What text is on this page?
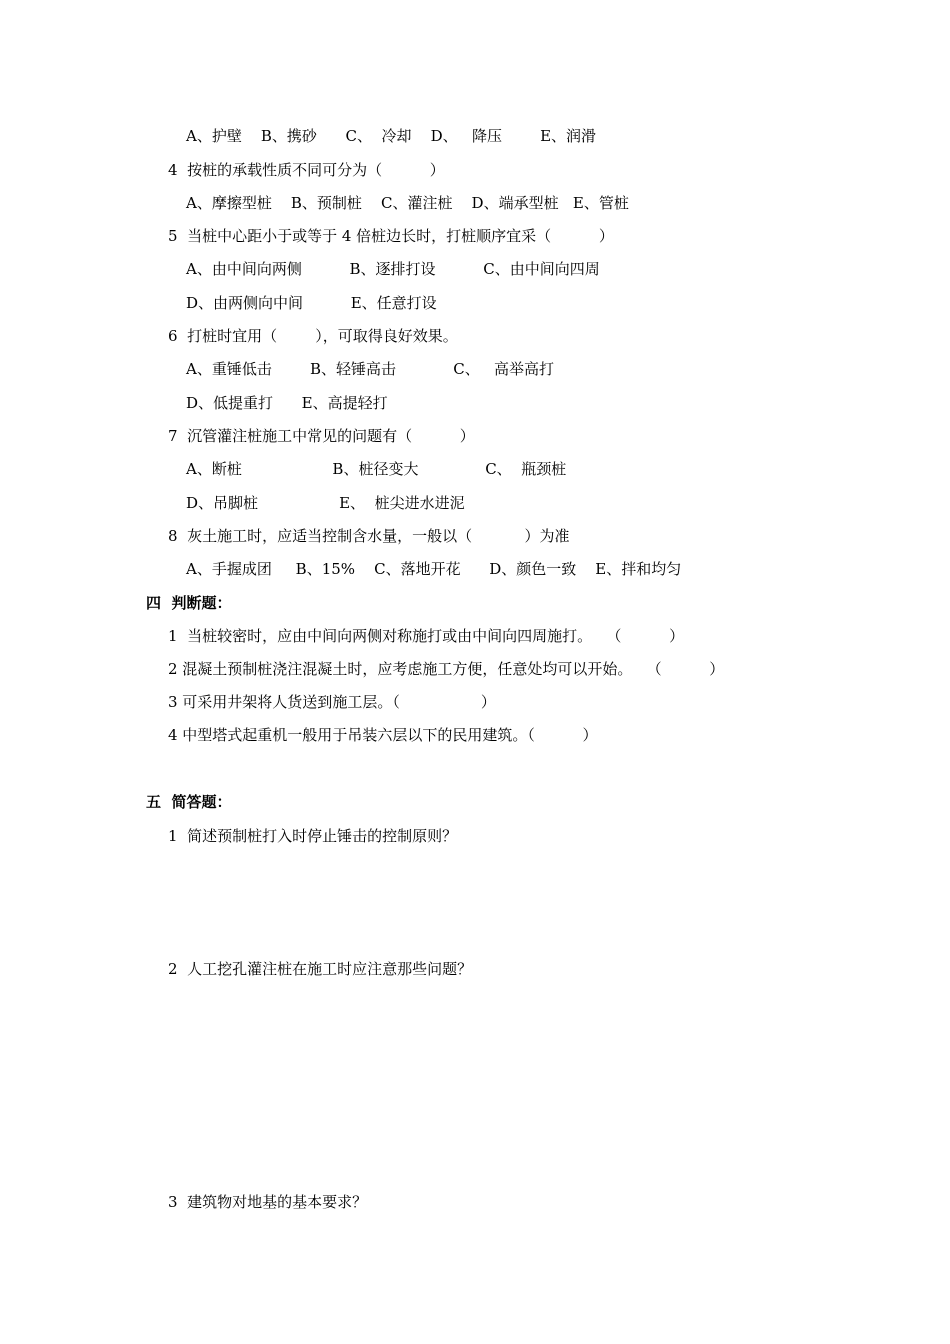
A、护壁    B、携砂      C、  冷却    D、   降压        E、润滑
4  按桩的承载性质不同可分为（          ）
A、摩擦型桩    B、预制桩    C、灌注桩    D、端承型桩   E、管桩
5  当桩中心距小于或等于 4 倍桩边长时，打桩顺序宜采（          ）
A、由中间向两侧          B、逐排打设          C、由中间向四周
D、由两侧向中间          E、任意打设
6  打桩时宜用（        ），可取得良好效果。
A、重锤低击        B、轻锤高击            C、   高举高打
D、低提重打      E、高提轻打
7  沉管灌注桩施工中常见的问题有（          ）
A、断桩                   B、桩径变大              C、  瓶颈桩
D、吊脚桩                 E、  桩尖进水进泥
8  灰土施工时，应适当控制含水量，一般以（           ）为准
A、手握成团     B、15%    C、落地开花      D、颜色一致    E、拌和均匀
四  判断题：
1  当桩较密时，应由中间向两侧对称施打或由中间向四周施打。   （          ）
2 混凝土预制桩浇注混凝土时，应考虑施工方便，任意处均可以开始。   （          ）
3 可采用井架将人货送到施工层。（                 ）
4 中型塔式起重机一般用于吊装六层以下的民用建筑。（          ）
五  简答题：
1  简述预制桩打入时停止锤击的控制原则？
2  人工挖孔灌注桩在施工时应注意那些问题？
3  建筑物对地基的基本要求？
